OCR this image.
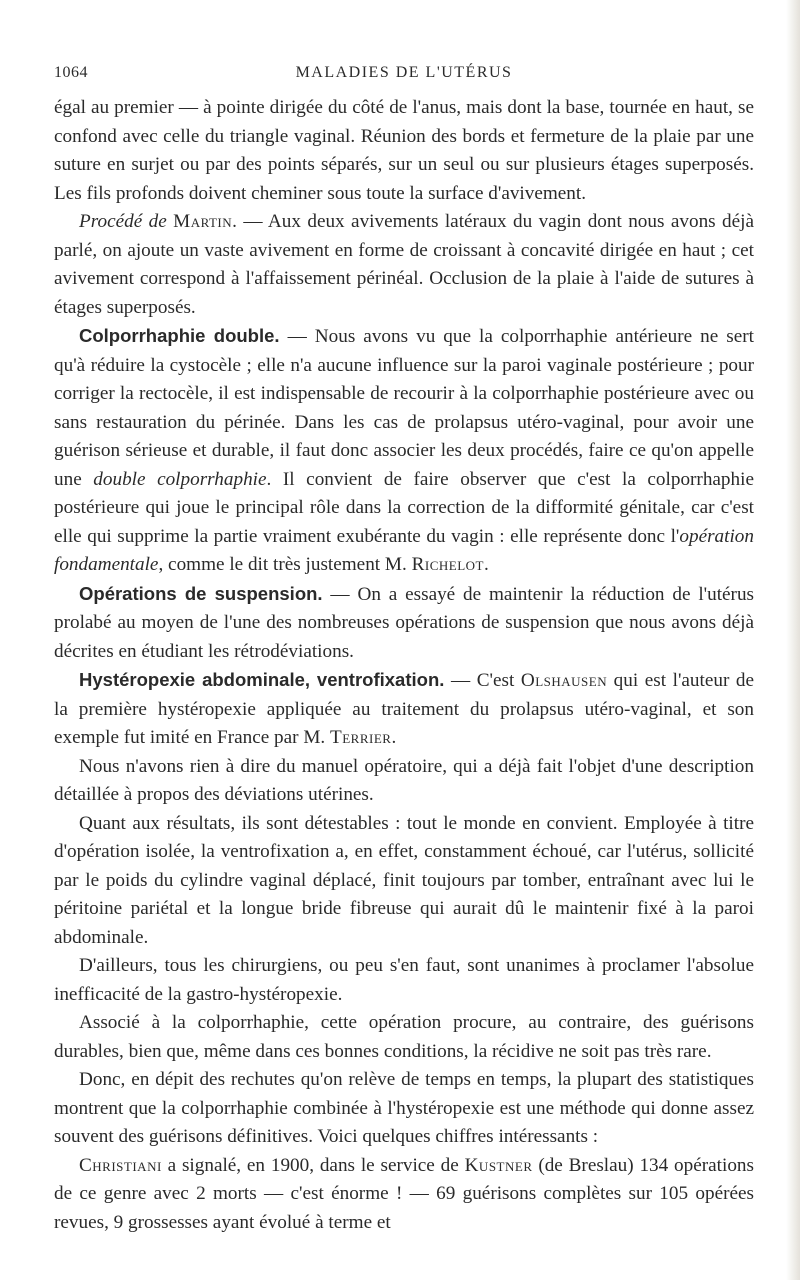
1064	MALADIES DE L'UTÉRUS

égal au premier — à pointe dirigée du côté de l'anus, mais dont la base, tournée en haut, se confond avec celle du triangle vaginal. Réunion des bords et fermeture de la plaie par une suture en surjet ou par des points séparés, sur un seul ou sur plusieurs étages superposés. Les fils profonds doivent cheminer sous toute la surface d'avivement.

Procédé de Martin. — Aux deux avivements latéraux du vagin dont nous avons déjà parlé, on ajoute un vaste avivement en forme de croissant à concavité dirigée en haut ; cet avivement correspond à l'affaissement périnéal. Occlusion de la plaie à l'aide de sutures à étages superposés.

Colporrhaphie double. — Nous avons vu que la colporrhaphie antérieure ne sert qu'à réduire la cystocèle ; elle n'a aucune influence sur la paroi vaginale postérieure ; pour corriger la rectocèle, il est indispensable de recourir à la colporrhaphie postérieure avec ou sans restauration du périnée. Dans les cas de prolapsus utéro-vaginal, pour avoir une guérison sérieuse et durable, il faut donc associer les deux procédés, faire ce qu'on appelle une double colporrhaphie. Il convient de faire observer que c'est la colporrhaphie postérieure qui joue le principal rôle dans la correction de la difformité génitale, car c'est elle qui supprime la partie vraiment exubérante du vagin : elle représente donc l'opération fondamentale, comme le dit très justement M. Richelot.

Opérations de suspension. — On a essayé de maintenir la réduction de l'utérus prolabé au moyen de l'une des nombreuses opérations de suspension que nous avons déjà décrites en étudiant les rétrodéviations.

Hystéropexie abdominale, ventrofixation. — C'est Olshausen qui est l'auteur de la première hystéropexie appliquée au traitement du prolapsus utéro-vaginal, et son exemple fut imité en France par M. Terrier.

Nous n'avons rien à dire du manuel opératoire, qui a déjà fait l'objet d'une description détaillée à propos des déviations utérines.

Quant aux résultats, ils sont détestables : tout le monde en convient. Employée à titre d'opération isolée, la ventrofixation a, en effet, constamment échoué, car l'utérus, sollicité par le poids du cylindre vaginal déplacé, finit toujours par tomber, entraînant avec lui le péritoine pariétal et la longue bride fibreuse qui aurait dû le maintenir fixé à la paroi abdominale.

D'ailleurs, tous les chirurgiens, ou peu s'en faut, sont unanimes à proclamer l'absolue inefficacité de la gastro-hystéropexie.

Associé à la colporrhaphie, cette opération procure, au contraire, des guérisons durables, bien que, même dans ces bonnes conditions, la récidive ne soit pas très rare.

Donc, en dépit des rechutes qu'on relève de temps en temps, la plupart des statistiques montrent que la colporrhaphie combinée à l'hystéropexie est une méthode qui donne assez souvent des guérisons définitives. Voici quelques chiffres intéressants :

Christiani a signalé, en 1900, dans le service de Kustner (de Breslau) 134 opérations de ce genre avec 2 morts — c'est énorme ! — 69 guérisons complètes sur 105 opérées revues, 9 grossesses ayant évolué à terme et
